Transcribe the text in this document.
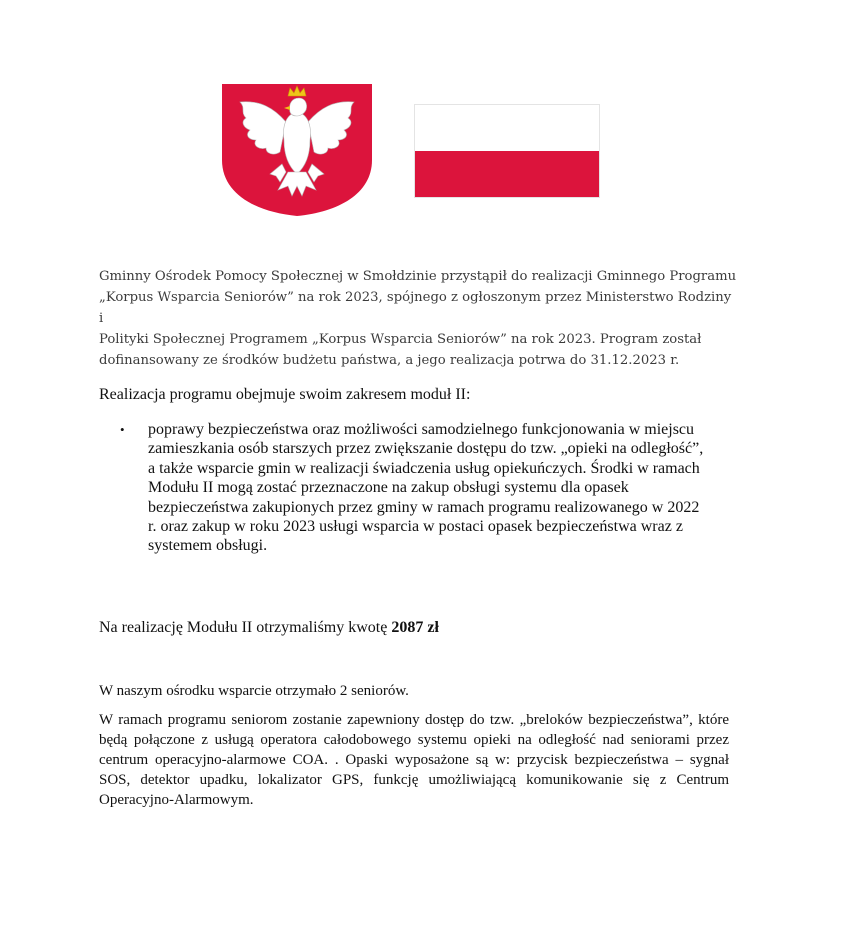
Gminny Ośrodek Pomocy Społecznej w Smołdzinie przystąpił do realizacji Gminnego Programu
„Korpus Wsparcia Seniorów” na rok 2023, spójnego z ogłoszonym przez Ministerstwo Rodziny i
Polityki Społecznej Programem „Korpus Wsparcia Seniorów” na rok 2023. Program został
dofinansowany ze środków budżetu państwa, a jego realizacja potrwa do 31.12.2023 r.
Realizacja programu obejmuje swoim zakresem moduł II:
• poprawy bezpieczeństwa oraz możliwości samodzielnego funkcjonowania w miejscu
zamieszkania osób starszych przez zwiększanie dostępu do tzw. „opieki na odległość”,
a także wsparcie gmin w realizacji świadczenia usług opiekuńczych. Środki w ramach
Modułu II mogą zostać przeznaczone na zakup obsługi systemu dla opasek
bezpieczeństwa zakupionych przez gminy w ramach programu realizowanego w 2022
r. oraz zakup w roku 2023 usługi wsparcia w postaci opasek bezpieczeństwa wraz z
systemem obsługi.
Na realizację Modułu II otrzymaliśmy kwotę 2087 zł
W naszym ośrodku wsparcie otrzymało 2 seniorów.
W ramach programu seniorom zostanie zapewniony dostęp do tzw. „breloków bezpieczeństwa”, które będą połączone z usługą operatora całodobowego systemu opieki na odległość nad seniorami przez centrum operacyjno-alarmowe COA. . Opaski wyposażone są w: przycisk bezpieczeństwa – sygnał SOS, detektor upadku, lokalizator GPS, funkcję umożliwiającą komunikowanie się z Centrum Operacyjno-Alarmowym.
